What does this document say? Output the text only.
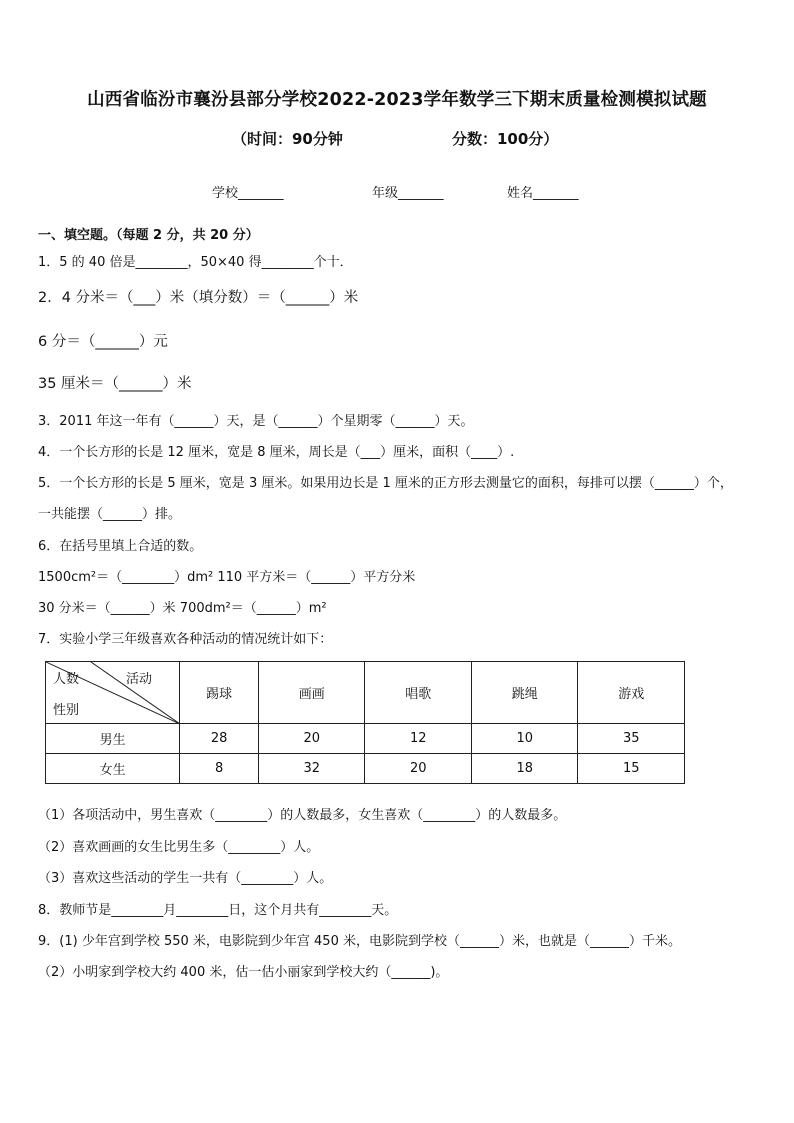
山西省临汾市襄汾县部分学校2022-2023学年数学三下期末质量检测模拟试题
（时间：90分钟	分数：100分）
学校_______	年级_______	姓名_______
一、填空题。（每题 2 分，共 20 分）
1．5 的 40 倍是________，50×40 得________个十．
2．4 分米＝（___）米（填分数）＝（______）米
6 分＝（______）元
35 厘米＝（______）米
3．2011 年这一年有（______）天，是（______）个星期零（______）天。
4．一个长方形的长是 12 厘米，宽是 8 厘米，周长是（___）厘米，面积（____）.
5．一个长方形的长是 5 厘米，宽是 3 厘米。如果用边长是 1 厘米的正方形去测量它的面积，每排可以摆（______）个，
一共能摆（______）排。
6．在括号里填上合适的数。
1500cm²＝（________）dm² 110 平方米＝（______）平方分米
30 分米＝（______）米 700dm²＝（______）m²
7．实验小学三年级喜欢各种活动的情况统计如下：
人数 活动
性别	踢球	画画	唱歌	跳绳	游戏
男生	28	20	12	10	35
女生	8	32	20	18	15
（1）各项活动中，男生喜欢（________）的人数最多，女生喜欢（________）的人数最多。
（2）喜欢画画的女生比男生多（________）人。
（3）喜欢这些活动的学生一共有（________）人。
8．教师节是________月________日，这个月共有________天。
9．(1) 少年宫到学校 550 米，电影院到少年宫 450 米，电影院到学校（______）米，也就是（______）千米。
（2）小明家到学校大约 400 米，估一估小丽家到学校大约（______)。
